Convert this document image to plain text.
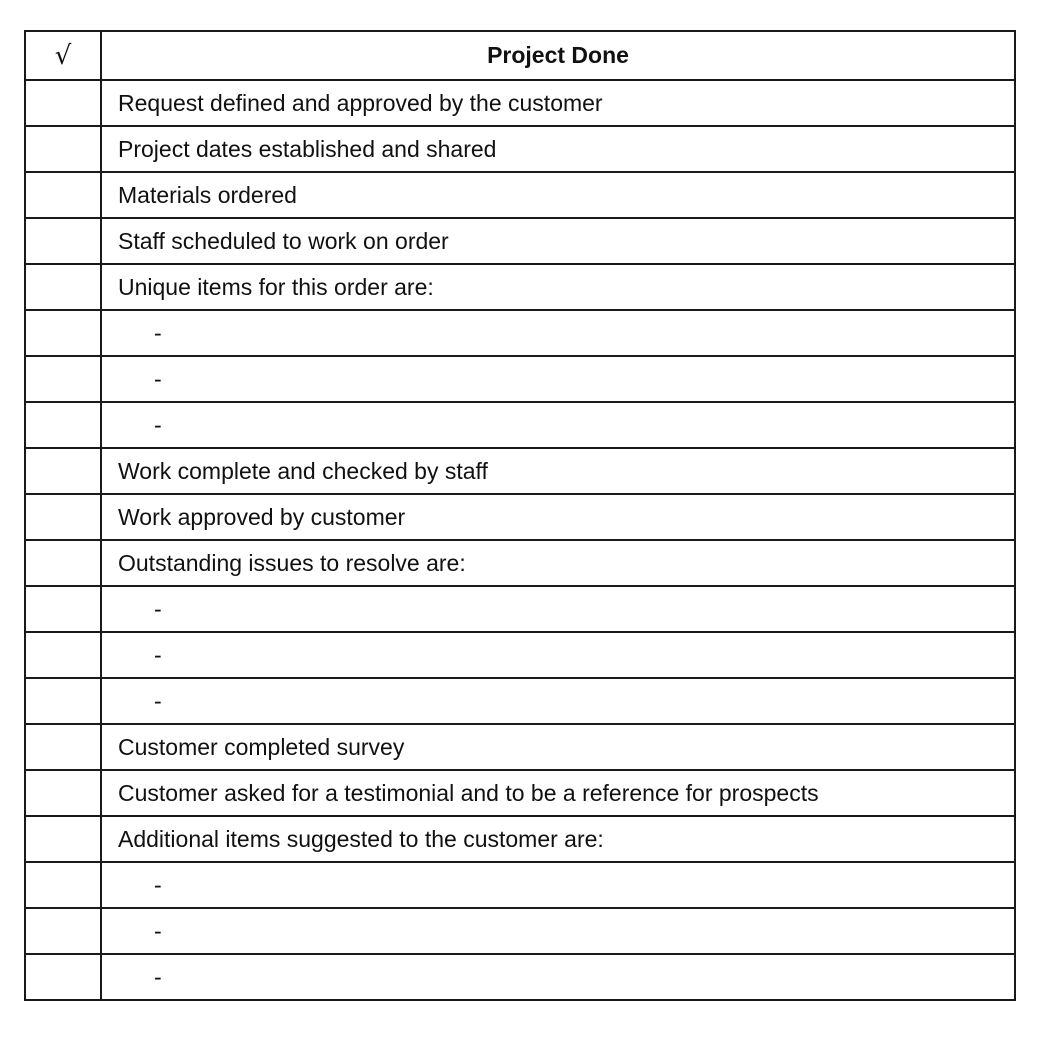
√	Project Done
	Request defined and approved by the customer
	Project dates established and shared
	Materials ordered
	Staff scheduled to work on order
	Unique items for this order are:
	-
	-
	-
	Work complete and checked by staff
	Work approved by customer
	Outstanding issues to resolve are:
	-
	-
	-
	Customer completed survey
	Customer asked for a testimonial and to be a reference for prospects
	Additional items suggested to the customer are:
	-
	-
	-
